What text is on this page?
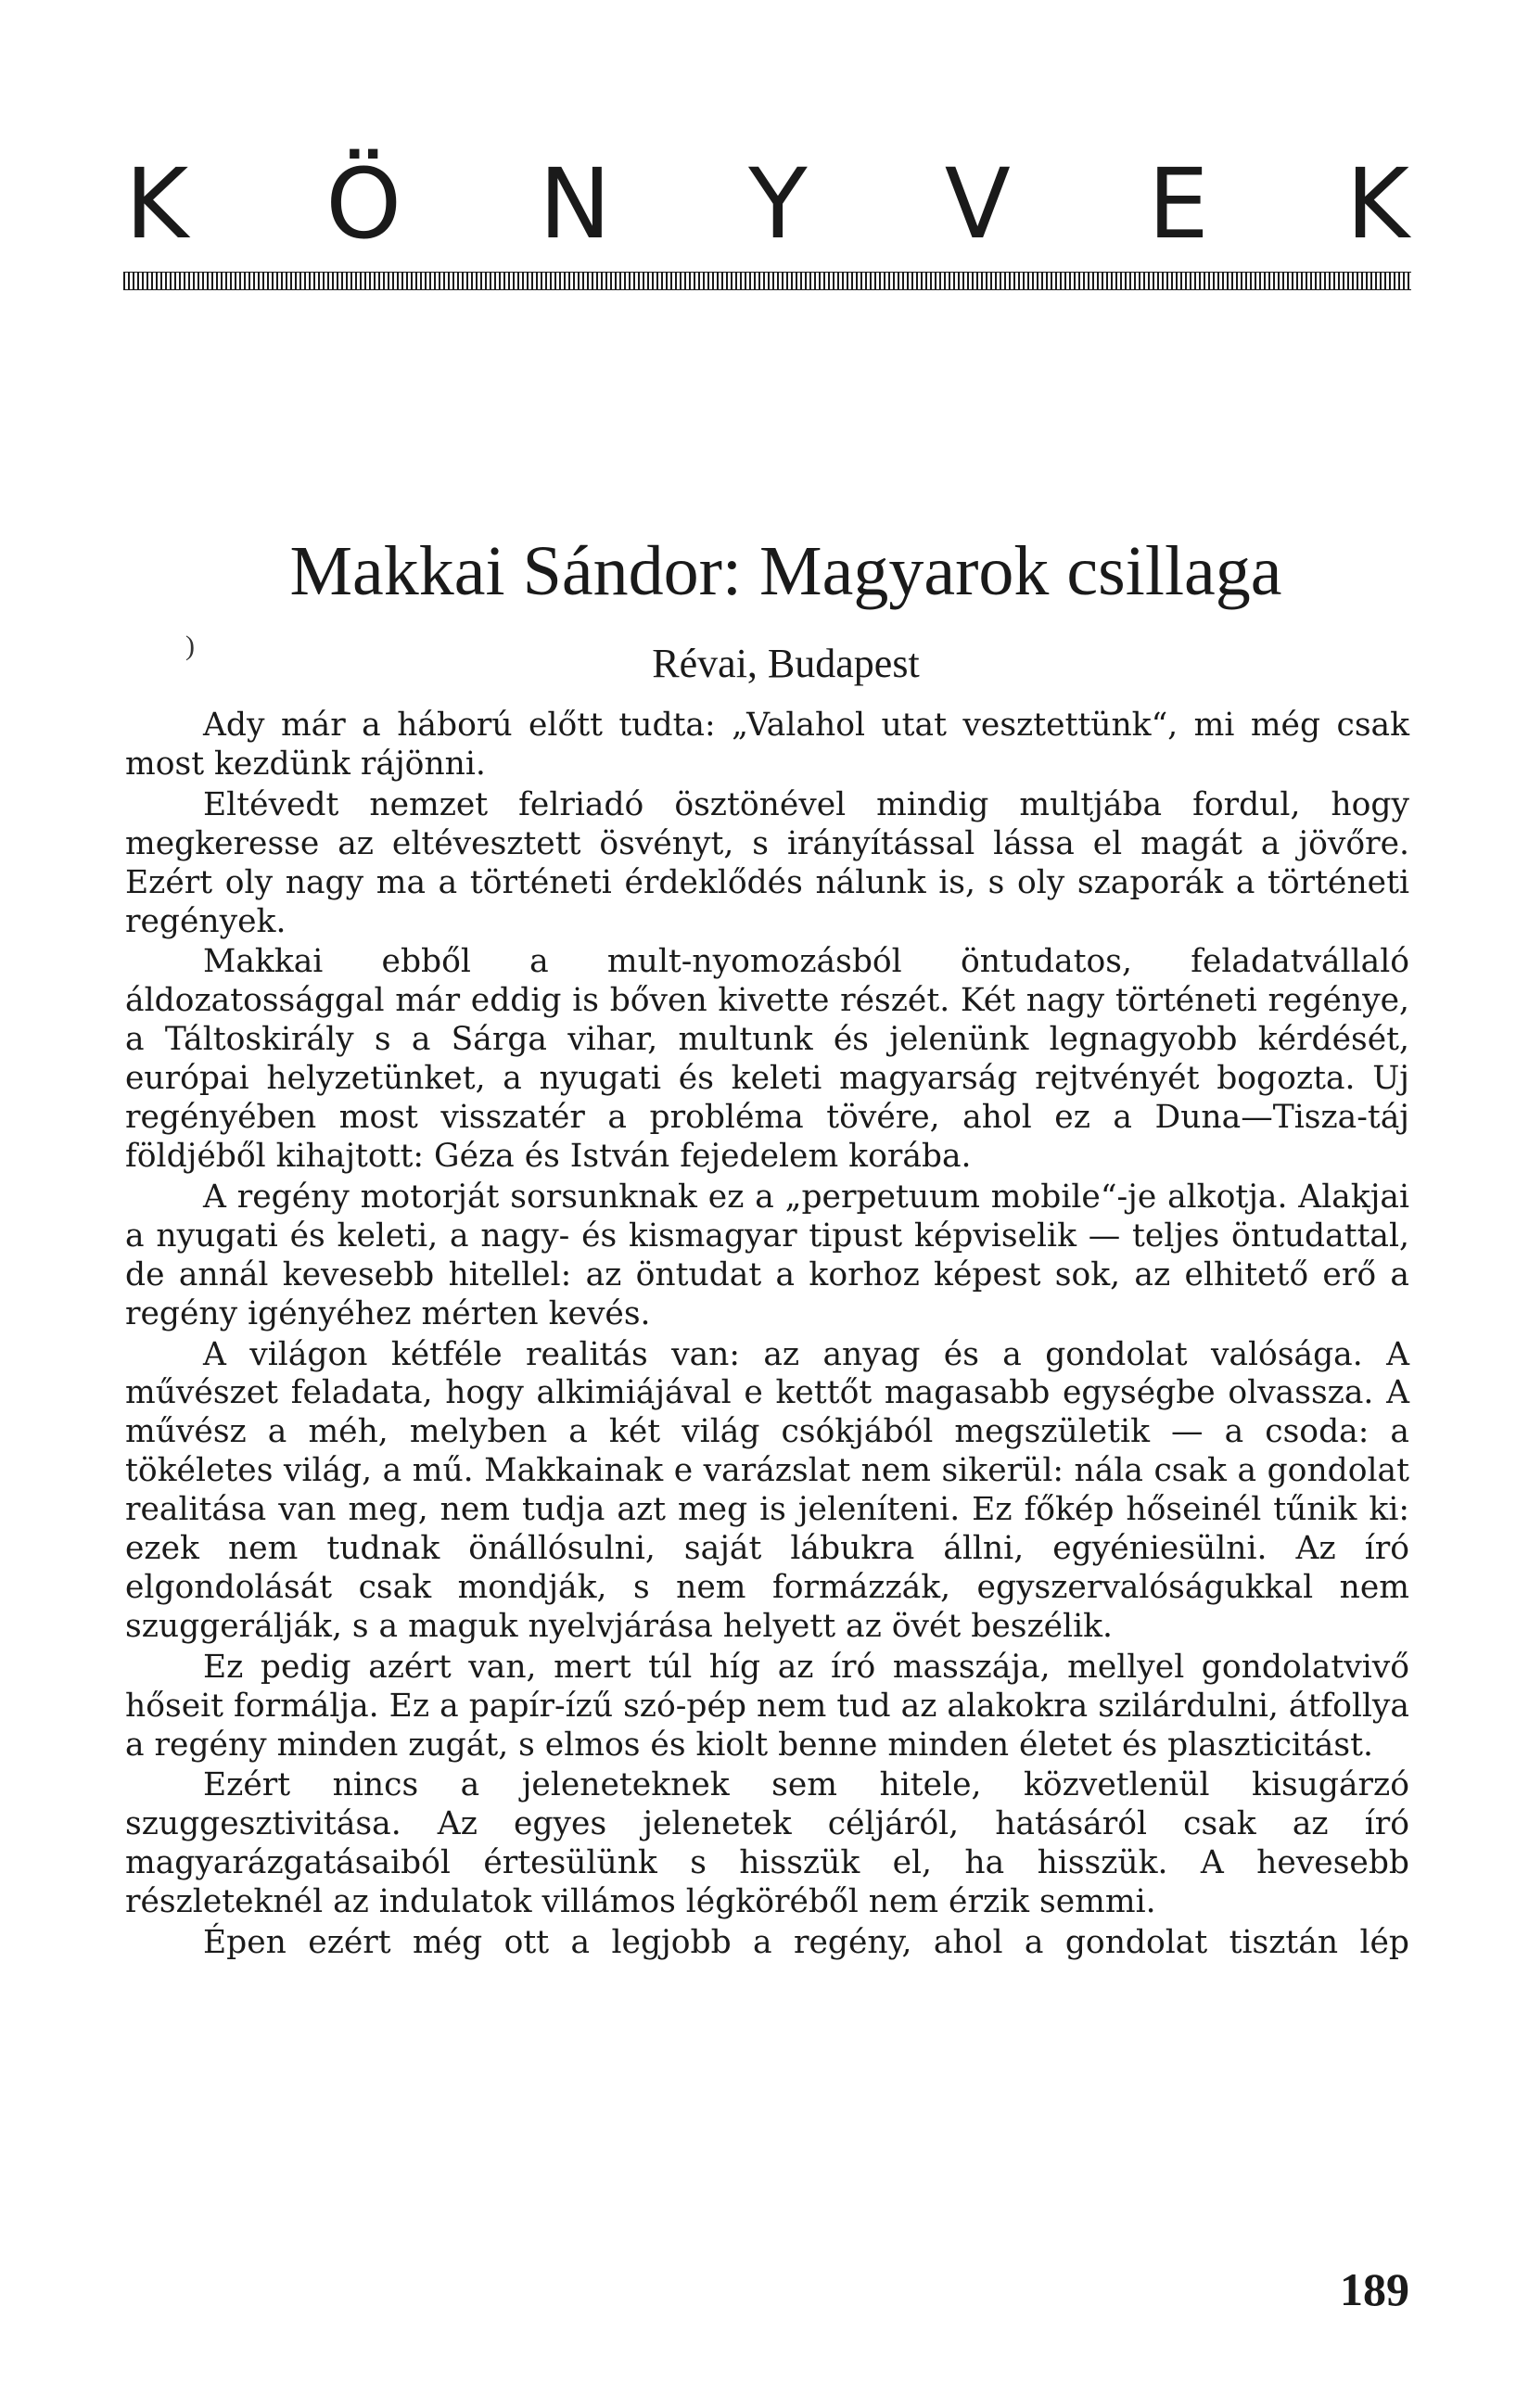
K Ö N Y V E K
Makkai Sándor: Magyarok csillaga
)	Révai, Budapest

Ady már a háború előtt tudta: „Valahol utat vesztettünk“, mi még csak most kezdünk rájönni.

Eltévedt nemzet felriadó ösztönével mindig multjába fordul, hogy megkeresse az eltévesztett ösvényt, s irányítással lássa el magát a jövőre. Ezért oly nagy ma a történeti érdeklődés nálunk is, s oly szaporák a történeti regények.

Makkai ebből a mult-nyomozásból öntudatos, feladatvállaló áldozatossággal már eddig is bőven kivette részét. Két nagy történeti regénye, a Táltoskirály s a Sárga vihar, multunk és jelenünk legnagyobb kérdését, európai helyzetünket, a nyugati és keleti magyarság rejtvényét bogozta. Uj regényében most visszatér a probléma tövére, ahol ez a Duna—Tisza-táj földjéből kihajtott: Géza és István fejedelem korába.

A regény motorját sorsunknak ez a „perpetuum mobile“-je alkotja. Alakjai a nyugati és keleti, a nagy- és kismagyar tipust képviselik — teljes öntudattal, de annál kevesebb hitellel: az öntudat a korhoz képest sok, az elhitető erő a regény igényéhez mérten kevés.

A világon kétféle realitás van: az anyag és a gondolat valósága. A művészet feladata, hogy alkimiájával e kettőt magasabb egységbe olvassza. A művész a méh, melyben a két világ csókjából megszületik — a csoda: a tökéletes világ, a mű. Makkainak e varázslat nem sikerül: nála csak a gondolat realitása van meg, nem tudja azt meg is jeleníteni. Ez főkép hőseinél tűnik ki: ezek nem tudnak önállósulni, saját lábukra állni, egyéniesülni. Az író elgondolását csak mondják, s nem formázzák, egyszervalóságukkal nem szuggerálják, s a maguk nyelvjárása helyett az övét beszélik.

Ez pedig azért van, mert túl híg az író masszája, mellyel gondolatvivő hőseit formálja. Ez a papír-ízű szó-pép nem tud az alakokra szilárdulni, átfollya a regény minden zugát, s elmos és kiolt benne minden életet és plaszticitást.

Ezért nincs a jeleneteknek sem hitele, közvetlenül kisugárzó szuggesztivitása. Az egyes jelenetek céljáról, hatásáról csak az író magyarázgatásaiból értesülünk s hisszük el, ha hisszük. A hevesebb részleteknél az indulatok villámos légköréből nem érzik semmi.

Épen ezért még ott a legjobb a regény, ahol a gondolat tisztán lép

189
